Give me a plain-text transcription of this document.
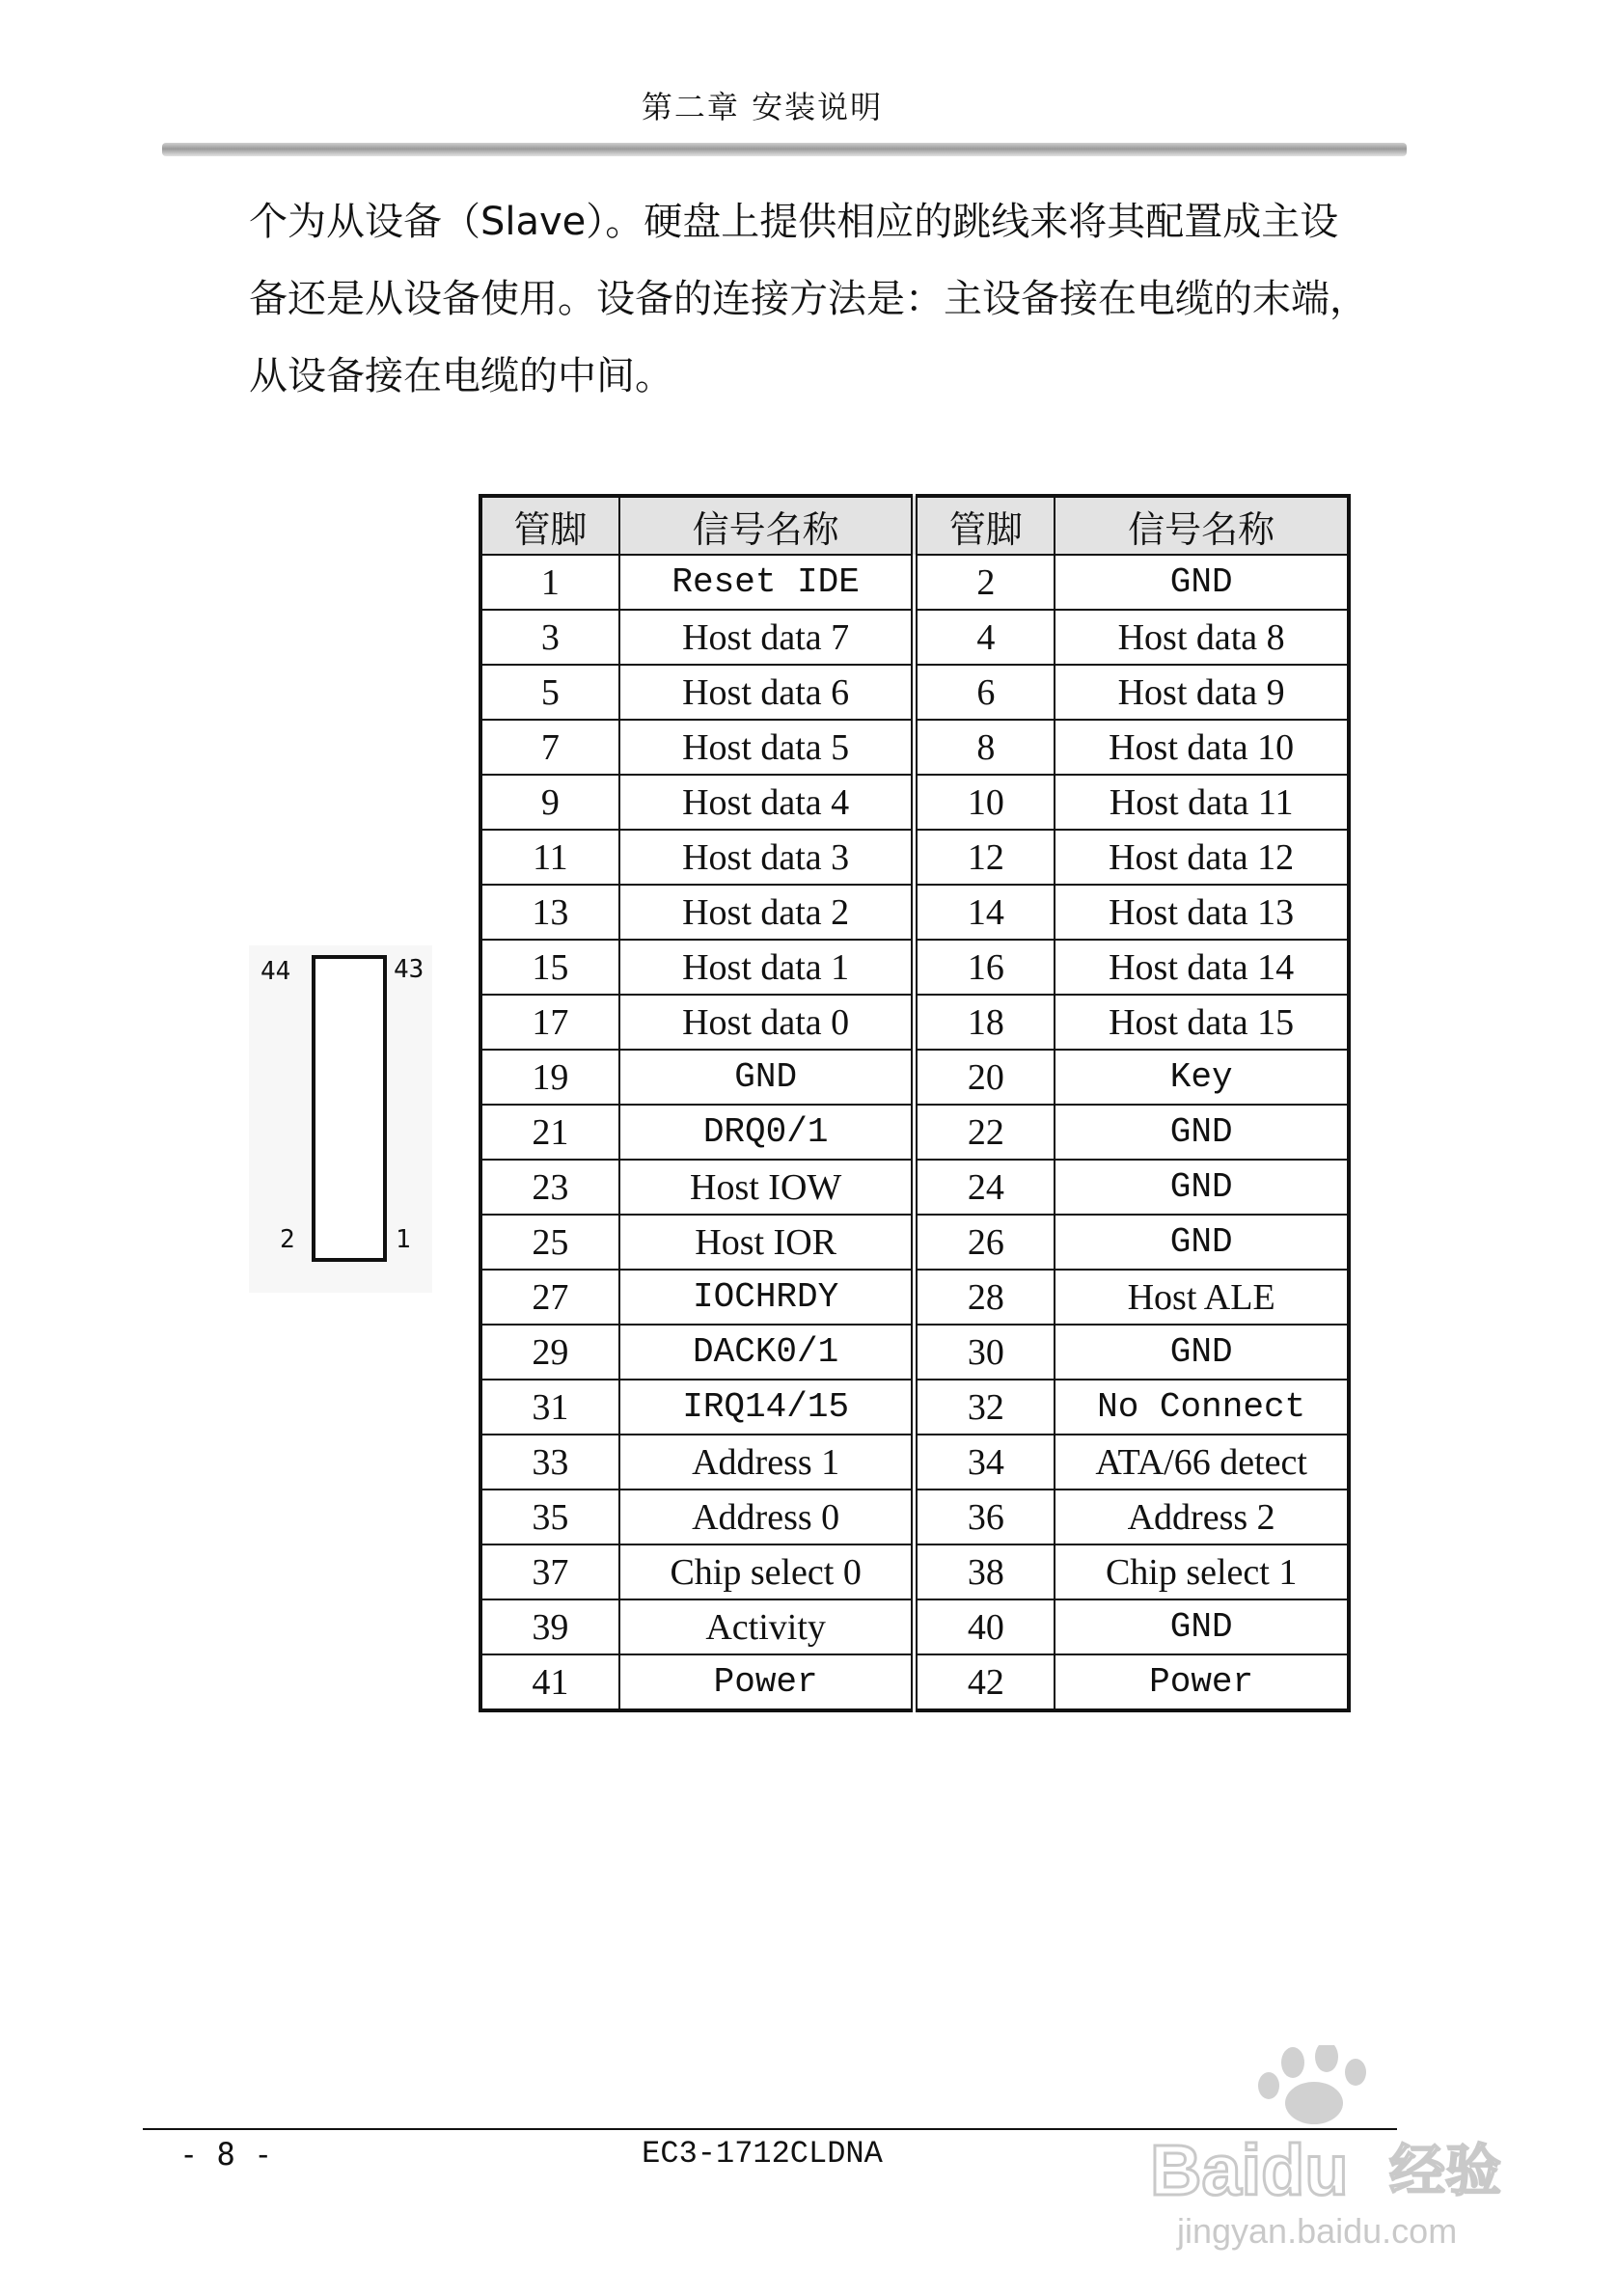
第二章 安装说明

个为从设备（Slave）。硬盘上提供相应的跳线来将其配置成主设

备还是从设备使用。设备的连接方法是：主设备接在电缆的末端，

从设备接在电缆的中间。

44	43
2	1
管脚	信号名称	管脚	信号名称
1	Reset IDE	2	GND
3	Host data 7	4	Host data 8
5	Host data 6	6	Host data 9
7	Host data 5	8	Host data 10
9	Host data 4	10	Host data 11
11	Host data 3	12	Host data 12
13	Host data 2	14	Host data 13
15	Host data 1	16	Host data 14
17	Host data 0	18	Host data 15
19	GND	20	Key
21	DRQ0/1	22	GND
23	Host IOW	24	GND
25	Host IOR	26	GND
27	IOCHRDY	28	Host ALE
29	DACK0/1	30	GND
31	IRQ14/15	32	No Connect
33	Address 1	34	ATA/66 detect
35	Address 0	36	Address 2
37	Chip select 0	38	Chip select 1
39	Activity	40	GND
41	Power	42	Power
- 8 -	EC3-1712CLDNA	Baidu 经验
jingyan.baidu.com
